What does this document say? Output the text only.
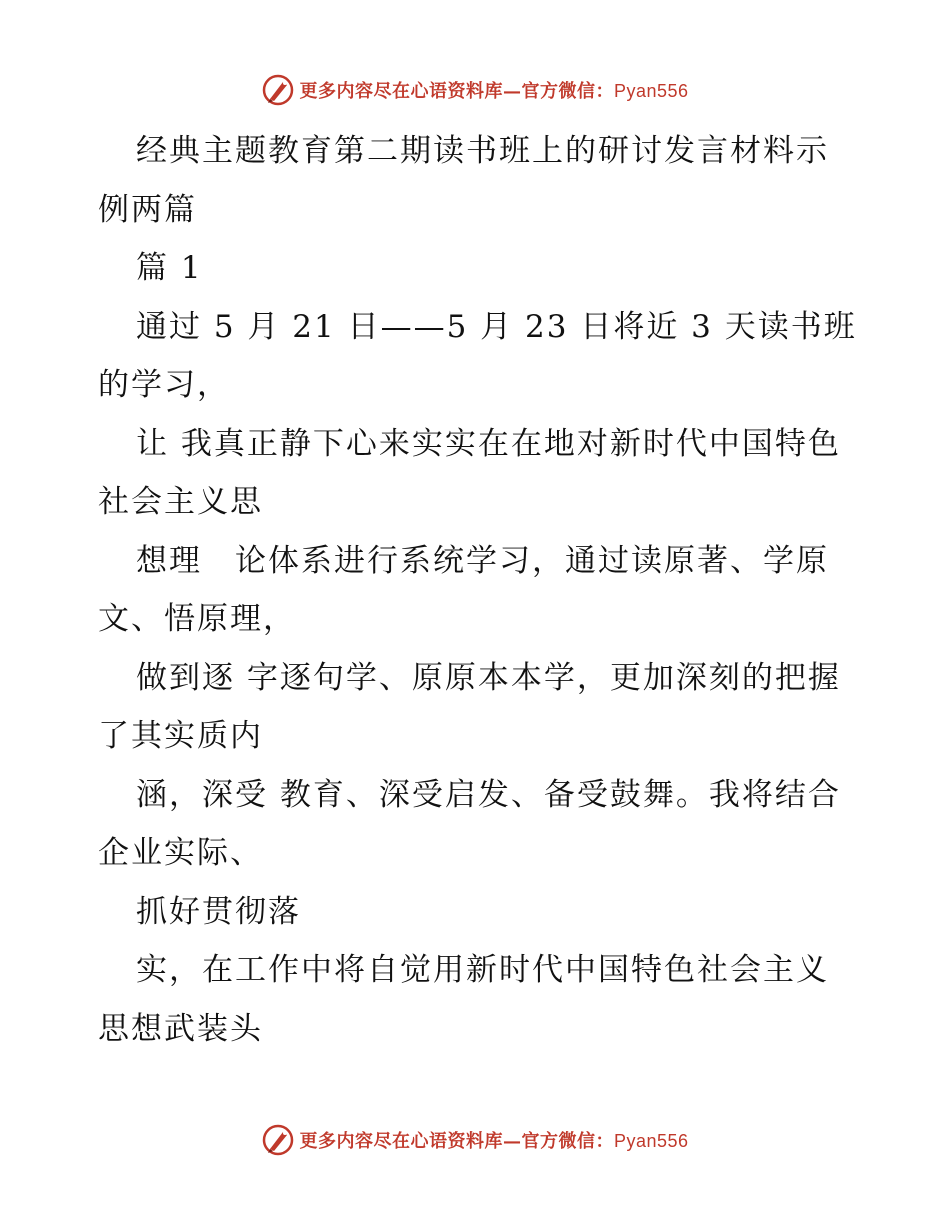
更多内容尽在心语资料库—官方微信：Pyan556

经典主题教育第二期读书班上的研讨发言材料示例两篇

篇 1

通过 5 月 21 日——5 月 23 日将近 3 天读书班的学习，

让 我真正静下心来实实在在地对新时代中国特色社会主义思

想理　论体系进行系统学习，通过读原著、学原文、悟原理，

做到逐 字逐句学、原原本本学，更加深刻的把握了其实质内

涵，深受 教育、深受启发、备受鼓舞。我将结合企业实际、

抓好贯彻落

实，在工作中将自觉用新时代中国特色社会主义思想武装头

更多内容尽在心语资料库—官方微信：Pyan556
